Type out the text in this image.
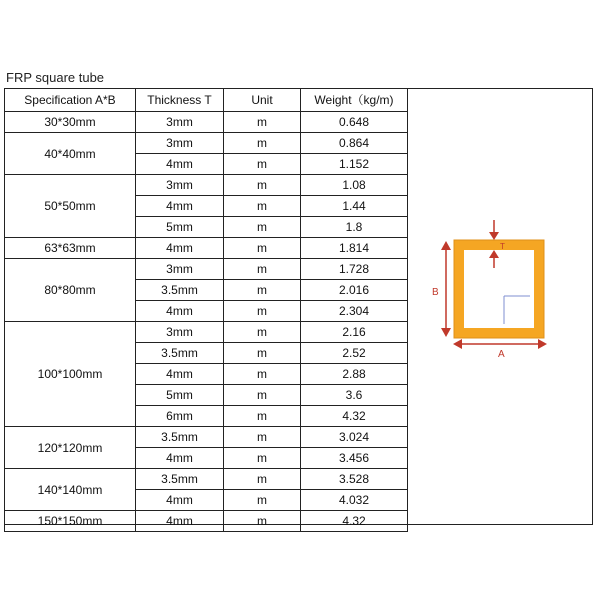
FRP square tube
Specification A*B	Thickness T	Unit	Weight（kg/m)
30*30mm	3mm	m	0.648
40*40mm	3mm	m	0.864
	4mm	m	1.152
50*50mm	3mm	m	1.08
	4mm	m	1.44
	5mm	m	1.8
63*63mm	4mm	m	1.814
80*80mm	3mm	m	1.728
	3.5mm	m	2.016
	4mm	m	2.304
100*100mm	3mm	m	2.16
	3.5mm	m	2.52
	4mm	m	2.88
	5mm	m	3.6
	6mm	m	4.32
120*120mm	3.5mm	m	3.024
	4mm	m	3.456
140*140mm	3.5mm	m	3.528
	4mm	m	4.032
150*150mm	4mm	m	4.32
T
B
A
